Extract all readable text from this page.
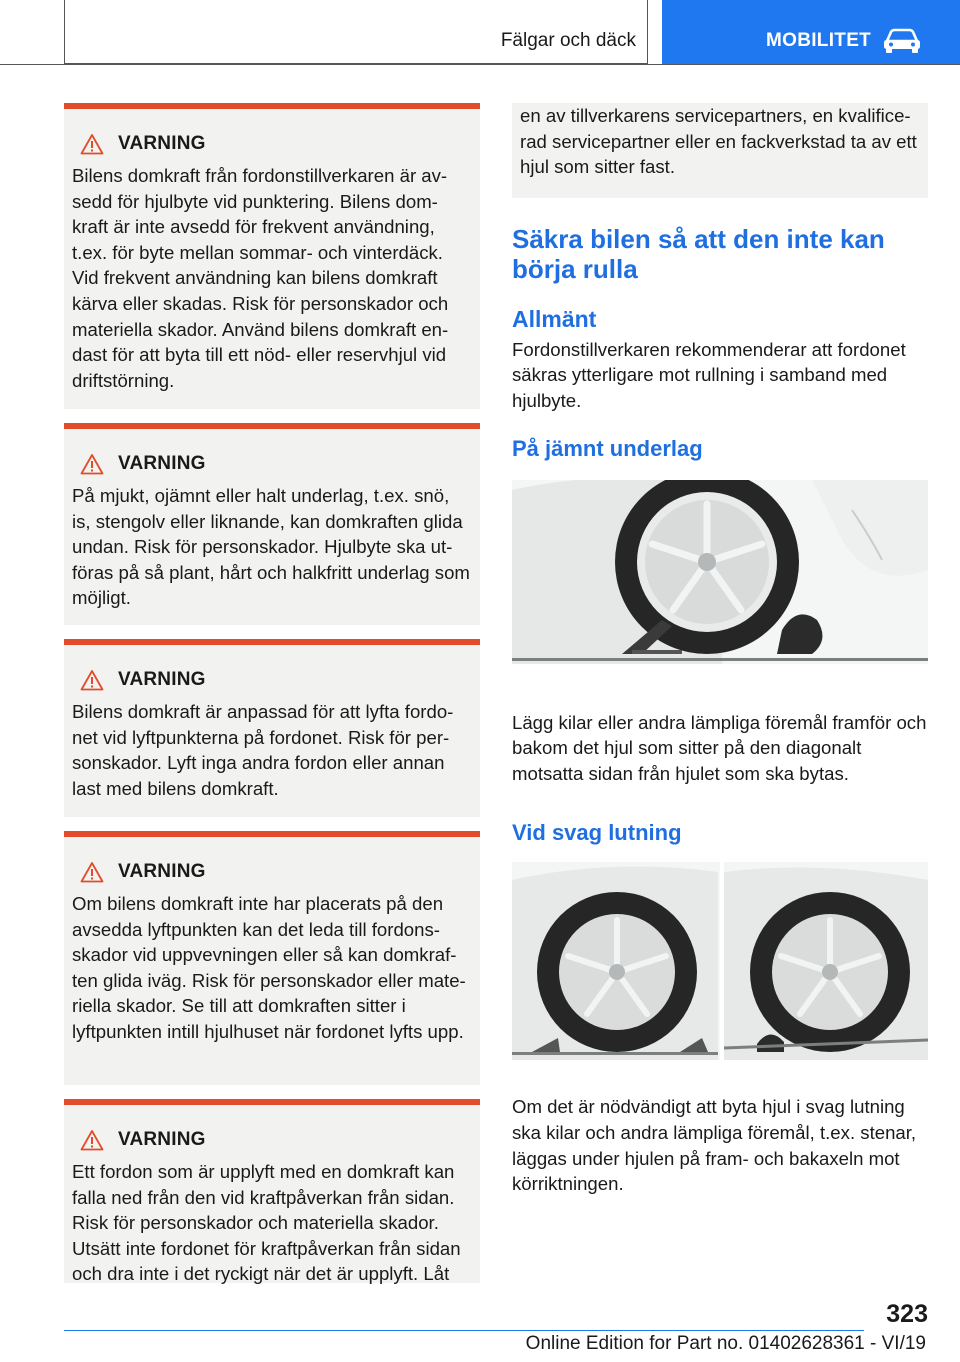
Fälgar och däck	MOBILITET
VARNING
Bilens domkraft från fordonstillverkaren är av-sedd för hjulbyte vid punktering. Bilens dom-kraft är inte avsedd för frekvent användning, t.ex. för byte mellan sommar- och vinterdäck. Vid frekvent användning kan bilens domkraft kärva eller skadas. Risk för personskador och materiella skador. Använd bilens domkraft en-dast för att byta till ett nöd- eller reservhjul vid driftstörning.
VARNING
På mjukt, ojämnt eller halt underlag, t.ex. snö, is, stengolv eller liknande, kan domkraften glida undan. Risk för personskador. Hjulbyte ska ut-föras på så plant, hårt och halkfritt underlag som möjligt.
VARNING
Bilens domkraft är anpassad för att lyfta fordo-net vid lyftpunkterna på fordonet. Risk för per-sonskador. Lyft inga andra fordon eller annan last med bilens domkraft.
VARNING
Om bilens domkraft inte har placerats på den avsedda lyftpunkten kan det leda till fordons-skador vid uppvevningen eller så kan domkraf-ten glida iväg. Risk för personskador eller mate-riella skador. Se till att domkraften sitter i lyftpunkten intill hjulhuset när fordonet lyfts upp.
VARNING
Ett fordon som är upplyft med en domkraft kan falla ned från den vid kraftpåverkan från sidan. Risk för personskador och materiella skador. Utsätt inte fordonet för kraftpåverkan från sidan och dra inte i det ryckigt när det är upplyft. Låt
en av tillverkarens servicepartners, en kvalifice-rad servicepartner eller en fackverkstad ta av ett hjul som sitter fast.
Säkra bilen så att den inte kan börja rulla
Allmänt
Fordonstillverkaren rekommenderar att fordonet säkras ytterligare mot rullning i samband med hjulbyte.
På jämnt underlag
Lägg kilar eller andra lämpliga föremål framför och bakom det hjul som sitter på den diagonalt motsatta sidan från hjulet som ska bytas.
Vid svag lutning
Om det är nödvändigt att byta hjul i svag lutning ska kilar och andra lämpliga föremål, t.ex. stenar, läggas under hjulen på fram- och bakaxeln mot körriktningen.
323
Online Edition for Part no. 01402628361 - VI/19
